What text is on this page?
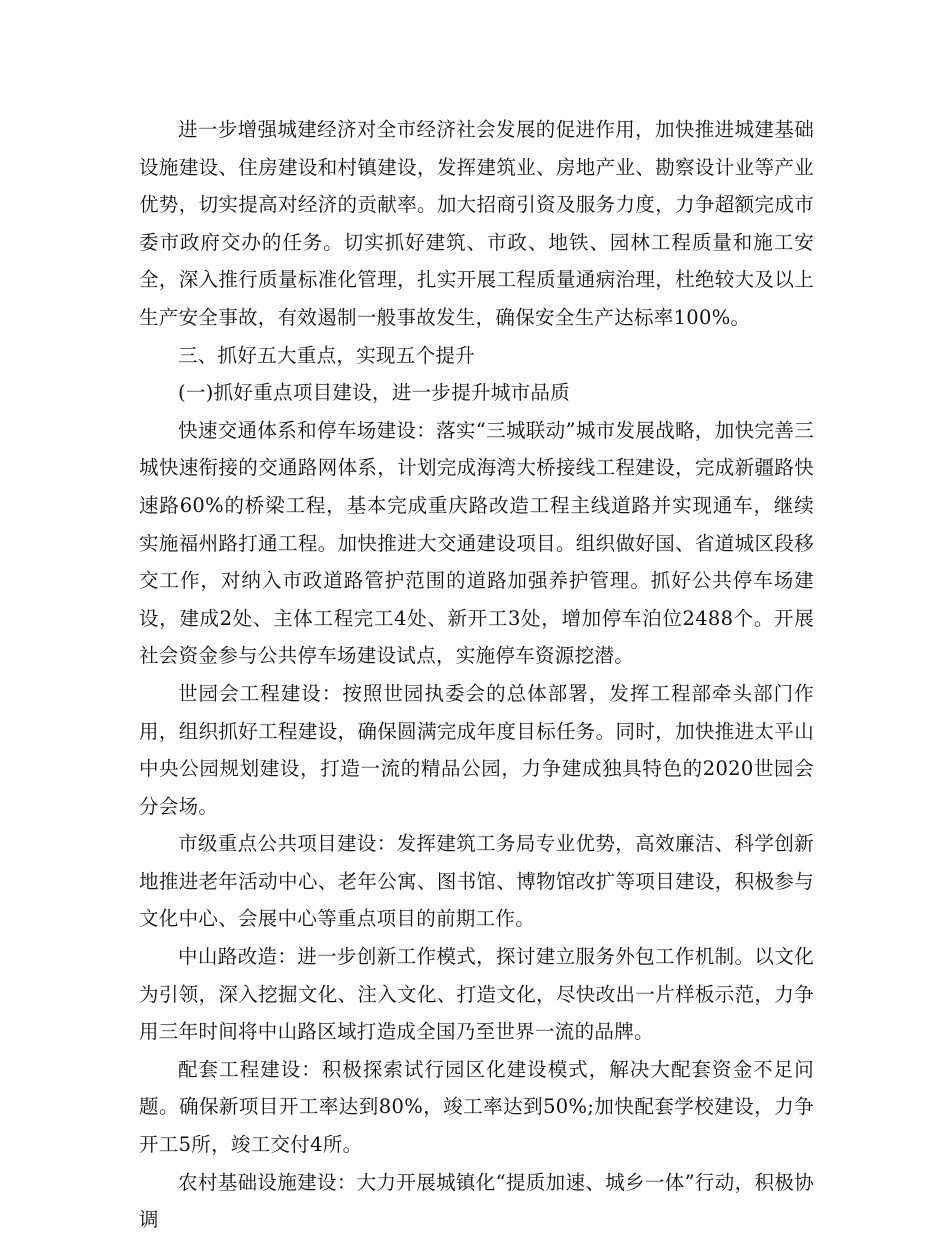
进一步增强城建经济对全市经济社会发展的促进作用，加快推进城建基础设施建设、住房建设和村镇建设，发挥建筑业、房地产业、勘察设计业等产业优势，切实提高对经济的贡献率。加大招商引资及服务力度，力争超额完成市委市政府交办的任务。切实抓好建筑、市政、地铁、园林工程质量和施工安全，深入推行质量标准化管理，扎实开展工程质量通病治理，杜绝较大及以上生产安全事故，有效遏制一般事故发生，确保安全生产达标率100%。

三、抓好五大重点，实现五个提升

(一)抓好重点项目建设，进一步提升城市品质

快速交通体系和停车场建设：落实“三城联动”城市发展战略，加快完善三城快速衔接的交通路网体系，计划完成海湾大桥接线工程建设，完成新疆路快速路60%的桥梁工程，基本完成重庆路改造工程主线道路并实现通车，继续实施福州路打通工程。加快推进大交通建设项目。组织做好国、省道城区段移交工作，对纳入市政道路管护范围的道路加强养护管理。抓好公共停车场建设，建成2处、主体工程完工4处、新开工3处，增加停车泊位2488个。开展社会资金参与公共停车场建设试点，实施停车资源挖潜。

世园会工程建设：按照世园执委会的总体部署，发挥工程部牵头部门作用，组织抓好工程建设，确保圆满完成年度目标任务。同时，加快推进太平山中央公园规划建设，打造一流的精品公园，力争建成独具特色的2020世园会分会场。

市级重点公共项目建设：发挥建筑工务局专业优势，高效廉洁、科学创新地推进老年活动中心、老年公寓、图书馆、博物馆改扩等项目建设，积极参与文化中心、会展中心等重点项目的前期工作。

中山路改造：进一步创新工作模式，探讨建立服务外包工作机制。以文化为引领，深入挖掘文化、注入文化、打造文化，尽快改出一片样板示范，力争用三年时间将中山路区域打造成全国乃至世界一流的品牌。

配套工程建设：积极探索试行园区化建设模式，解决大配套资金不足问题。确保新项目开工率达到80%，竣工率达到50%;加快配套学校建设，力争开工5所，竣工交付4所。

农村基础设施建设：大力开展城镇化“提质加速、城乡一体”行动，积极协调
